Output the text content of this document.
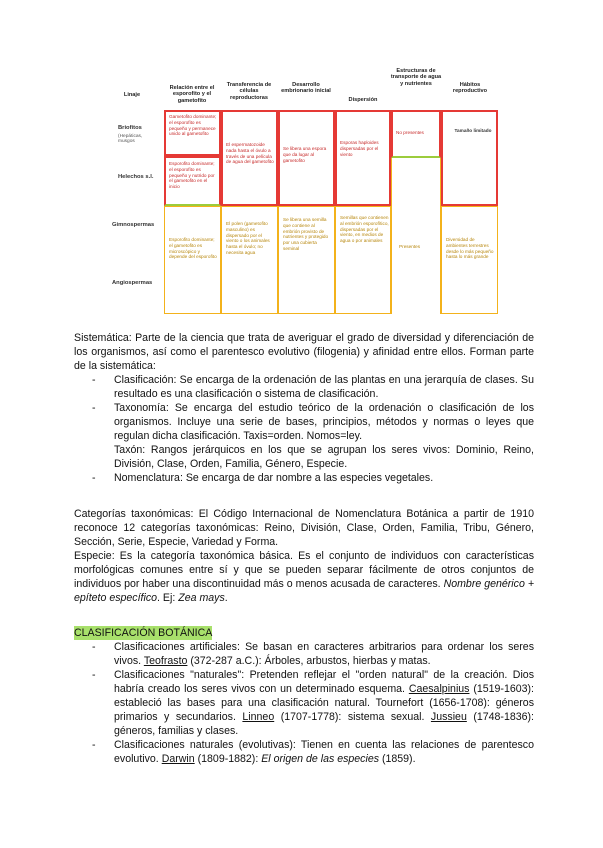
Linaje
Relación entre el esporofito y el gametofito
Transferencia de células reproductoras
Desarrollo embrionario inicial
Dispersión
Estructuras de transporte de agua y nutrientes	Hábitos reproductivo
Briofitos
(Hepáticas, musgos
Helechos s.l.
Gimnospermas
Angiospermas
Gametofito dominante; el esporofito es pequeño y permanece unido al gametofito
Esporofito dominante; el esporofito es pequeño y nutrido por el gametofito en el inicio
Esporofito dominante; el gametofito es microscópico y depende del esporofito
El espermatozoide nada hasta el óvulo a través de una película de agua del gametofito
El polen (gametofito masculino) es dispersado por el viento o los animales hasta el óvulo; no necesita agua
Se libera una espora que da lugar al gametofito
Se libera una semilla que contiene al embrión provisto de nutrientes y protegido por una cubierta seminal
Esporas haploides dispersadas por el viento
Semillas que contienen al embrión esporofítico, dispersadas por el viento, en medios de agua o por animales
No presentes
Presentes
Tamaño limitado
Diversidad de ambientes terrestres desde lo más pequeño hasta lo más grande

Sistemática: Parte de la ciencia que trata de averiguar el grado de diversidad y diferenciación de los organismos, así como el parentesco evolutivo (filogenia) y afinidad entre ellos. Forman parte de la sistemática:

- Clasificación: Se encarga de la ordenación de las plantas en una jerarquía de clases. Su resultado es una clasificación o sistema de clasificación.
- Taxonomía: Se encarga del estudio teórico de la ordenación o clasificación de los organismos. Incluye una serie de bases, principios, métodos y normas o leyes que regulan dicha clasificación. Taxis=orden. Nomos=ley.
Taxón: Rangos jerárquicos en los que se agrupan los seres vivos: Dominio, Reino, División, Clase, Orden, Familia, Género, Especie.
- Nomenclatura: Se encarga de dar nombre a las especies vegetales.

Categorías taxonómicas: El Código Internacional de Nomenclatura Botánica a partir de 1910 reconoce 12 categorías taxonómicas: Reino, División, Clase, Orden, Familia, Tribu, Género, Sección, Serie, Especie, Variedad y Forma.

Especie: Es la categoría taxonómica básica. Es el conjunto de individuos con características morfológicas comunes entre sí y que se pueden separar fácilmente de otros conjuntos de individuos por haber una discontinuidad más o menos acusada de caracteres. Nombre genérico + epíteto específico. Ej: Zea mays.

CLASIFICACIÓN BOTÁNICA
- Clasificaciones artificiales: Se basan en caracteres arbitrarios para ordenar los seres vivos. Teofrasto (372-287 a.C.): Árboles, arbustos, hierbas y matas.
- Clasificaciones "naturales": Pretenden reflejar el "orden natural" de la creación. Dios habría creado los seres vivos con un determinado esquema. Caesalpinius (1519-1603): estableció las bases para una clasificación natural. Tournefort (1656-1708): géneros primarios y secundarios. Linneo (1707-1778): sistema sexual. Jussieu (1748-1836): géneros, familias y clases.
- Clasificaciones naturales (evolutivas): Tienen en cuenta las relaciones de parentesco evolutivo. Darwin (1809-1882): El origen de las especies (1859).
